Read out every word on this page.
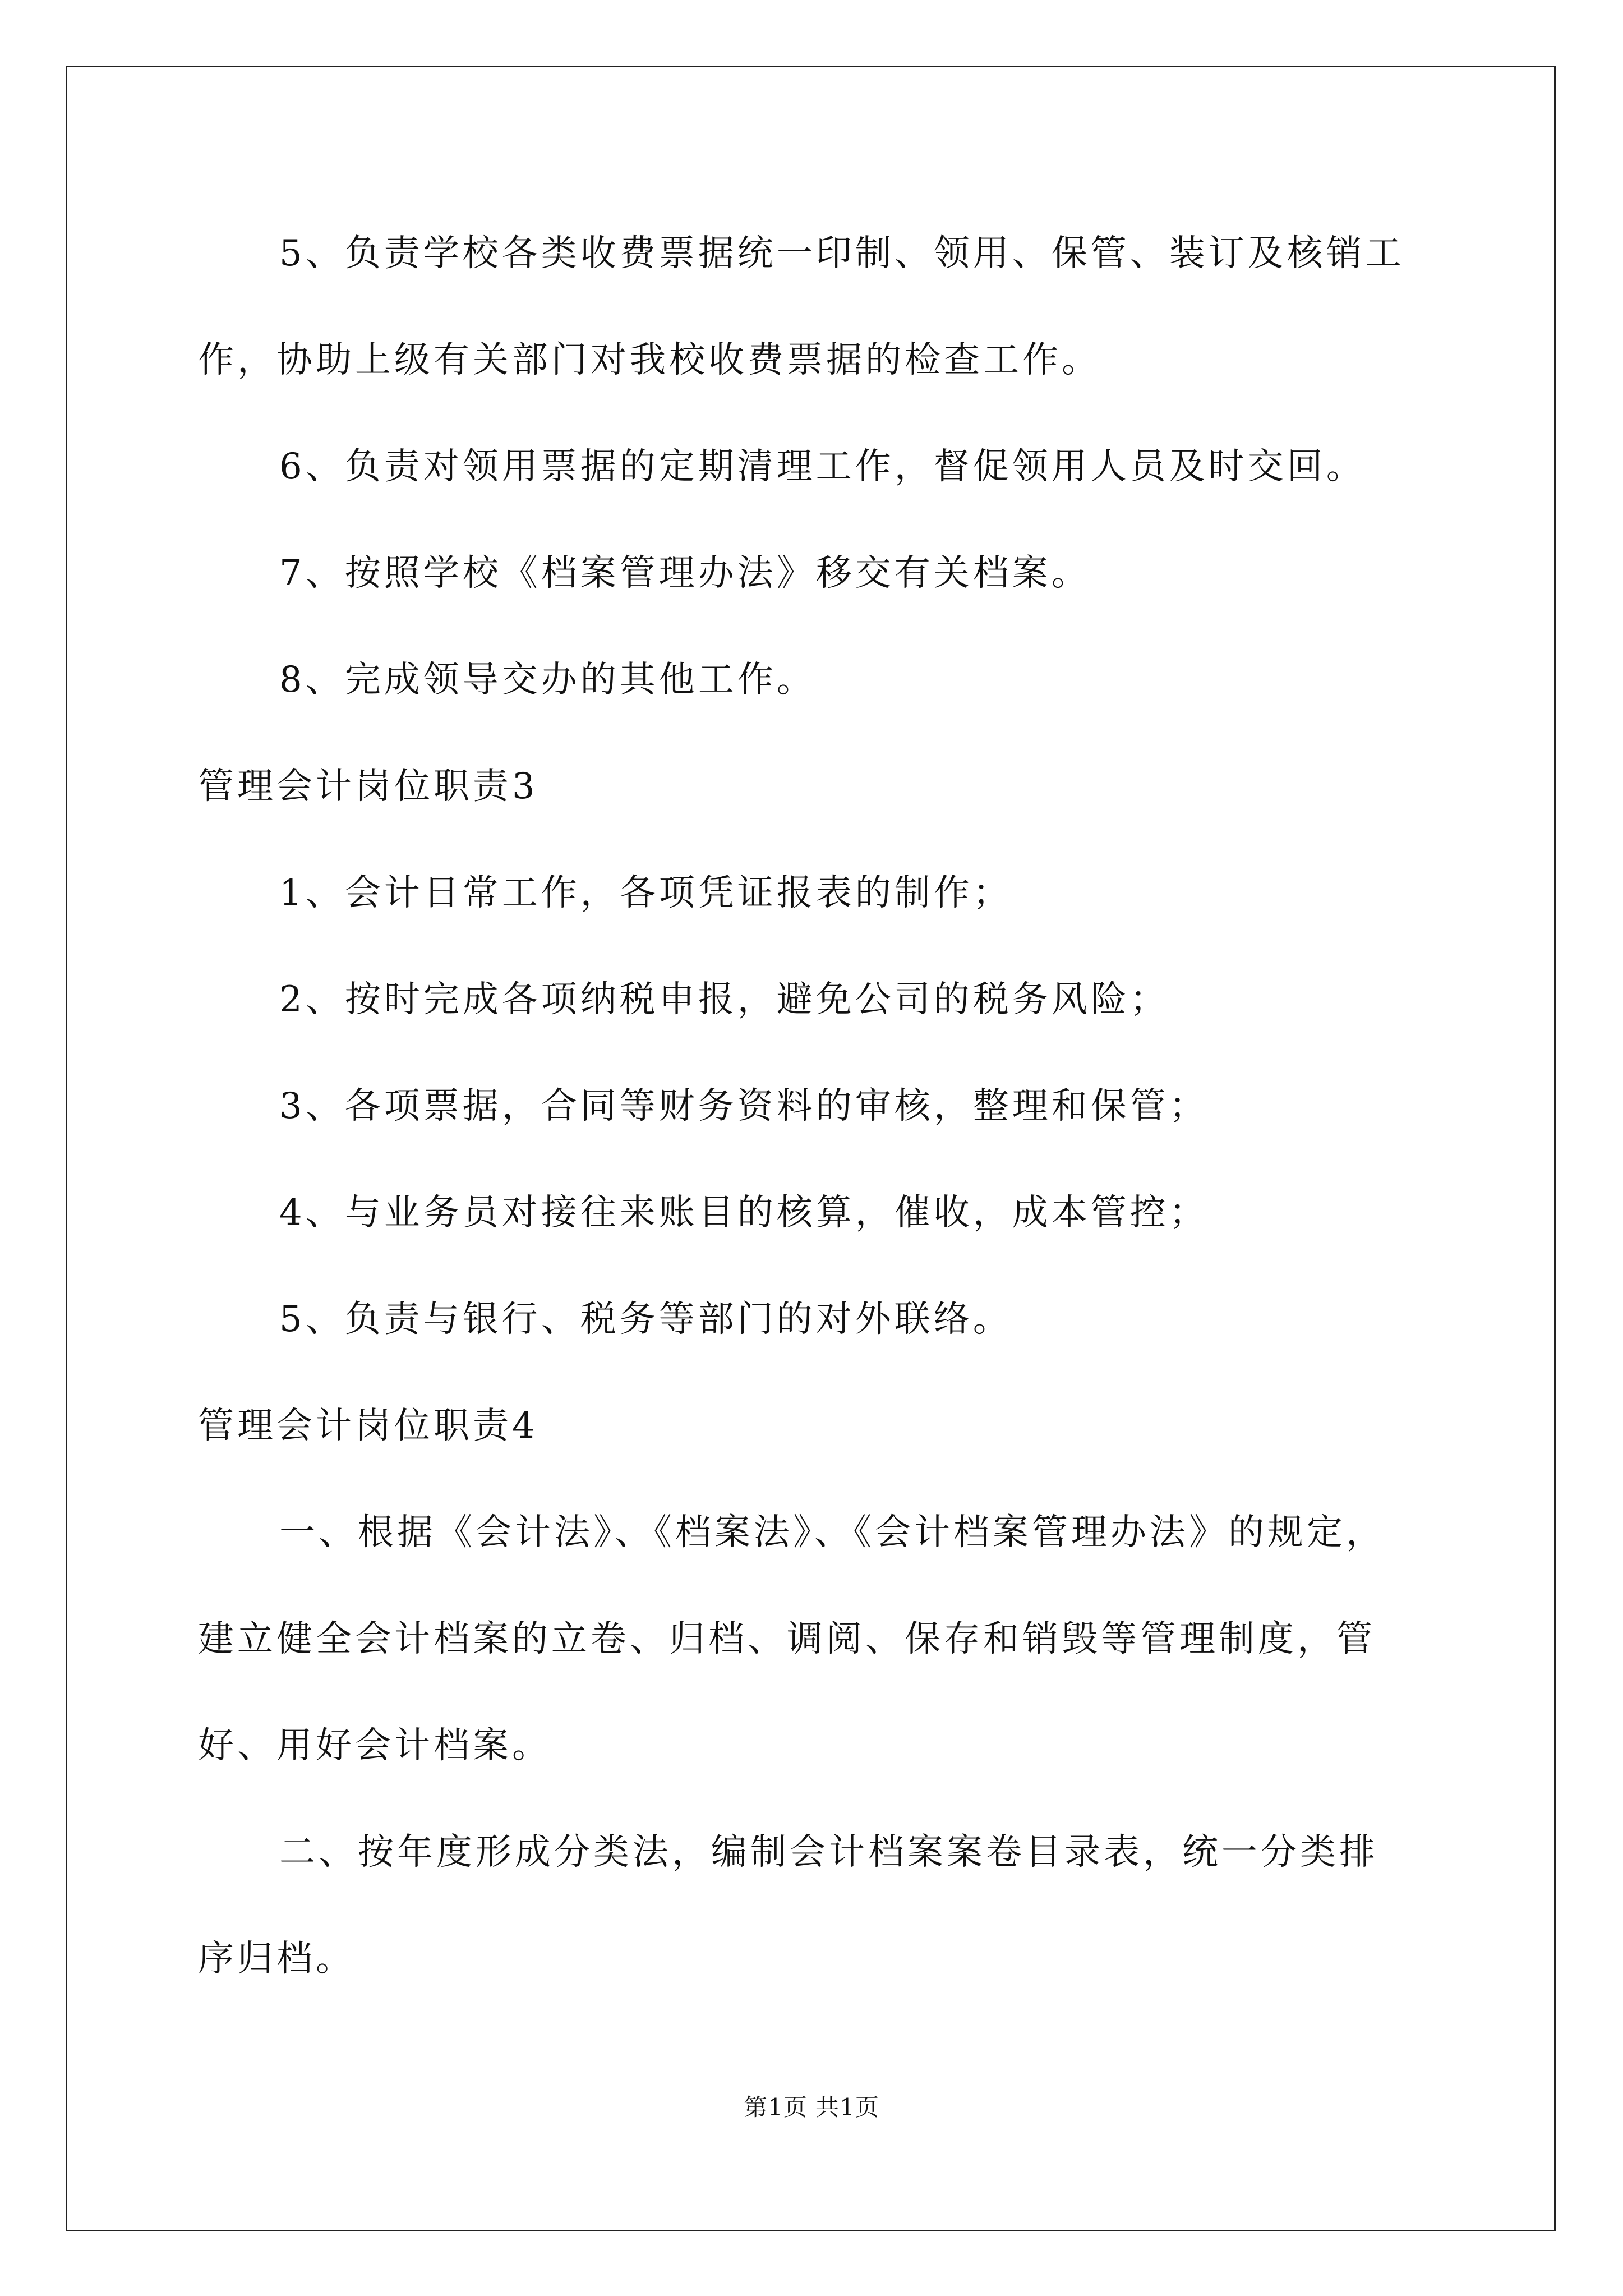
5、负责学校各类收费票据统一印制、领用、保管、装订及核销工
作，协助上级有关部门对我校收费票据的检查工作。
6、负责对领用票据的定期清理工作，督促领用人员及时交回。
7、按照学校《档案管理办法》移交有关档案。
8、完成领导交办的其他工作。
管理会计岗位职责3
1、会计日常工作，各项凭证报表的制作；
2、按时完成各项纳税申报，避免公司的税务风险；
3、各项票据，合同等财务资料的审核，整理和保管；
4、与业务员对接往来账目的核算，催收，成本管控；
5、负责与银行、税务等部门的对外联络。
管理会计岗位职责4
一、根据《会计法》、《档案法》、《会计档案管理办法》的规定，
建立健全会计档案的立卷、归档、调阅、保存和销毁等管理制度，管
好、用好会计档案。
二、按年度形成分类法，编制会计档案案卷目录表，统一分类排
序归档。
第1页 共1页
